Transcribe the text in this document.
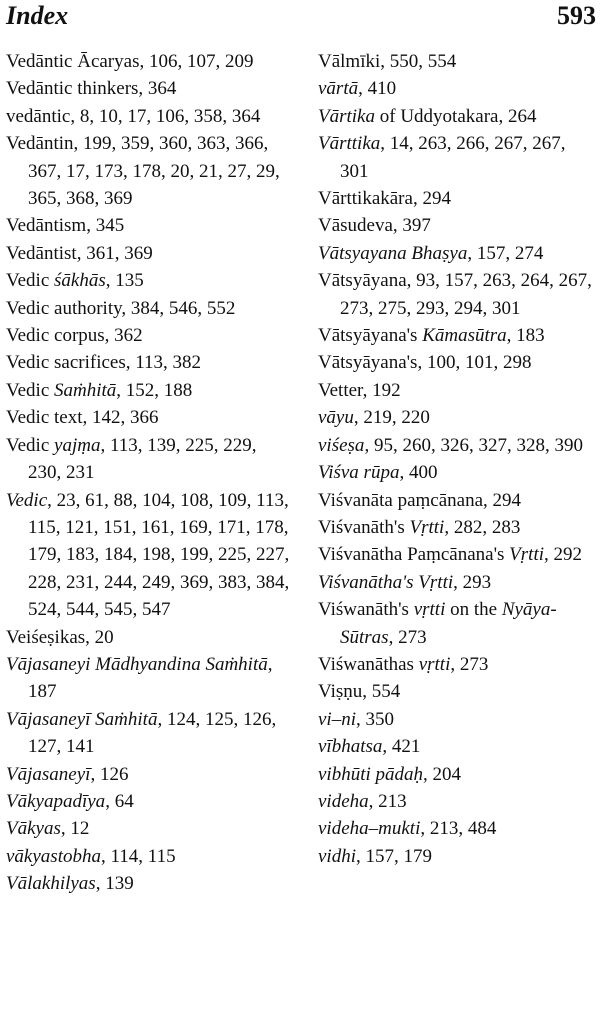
Index	593
Vedāntic Ācaryas, 106, 107, 209
Vedāntic thinkers, 364
vedāntic, 8, 10, 17, 106, 358, 364
Vedāntin, 199, 359, 360, 363, 366, 367, 17, 173, 178, 20, 21, 27, 29, 365, 368, 369
Vedāntism, 345
Vedāntist, 361, 369
Vedic śākhās, 135
Vedic authority, 384, 546, 552
Vedic corpus, 362
Vedic sacrifices, 113, 382
Vedic Saṁhitā, 152, 188
Vedic text, 142, 366
Vedic yajṃa, 113, 139, 225, 229, 230, 231
Vedic, 23, 61, 88, 104, 108, 109, 113, 115, 121, 151, 161, 169, 171, 178, 179, 183, 184, 198, 199, 225, 227, 228, 231, 244, 249, 369, 383, 384, 524, 544, 545, 547
Veiśeṣikas, 20
Vājasaneyi Mādhyandina Saṁhitā, 187
Vājasaneyī Saṁhitā, 124, 125, 126, 127, 141
Vājasaneyī, 126
Vākyapadīya, 64
Vākyas, 12
vākyastobha, 114, 115
Vālakhilyas, 139
Vālmīki, 550, 554
vārtā, 410
Vārtika of Uddyotakara, 264
Vārttika, 14, 263, 266, 267, 267, 301
Vārttikakāra, 294
Vāsudeva, 397
Vātsyayana Bhaṣya, 157, 274
Vātsyāyana, 93, 157, 263, 264, 267, 273, 275, 293, 294, 301
Vātsyāyana's Kāmasūtra, 183
Vātsyāyana's, 100, 101, 298
Vetter, 192
vāyu, 219, 220
viśeṣa, 95, 260, 326, 327, 328, 390
Viśva rūpa, 400
Viśvanāta paṃcānana, 294
Viśvanāth's Vṛtti, 282, 283
Viśvanātha Paṃcānana's Vṛtti, 292
Viśvanātha's Vṛtti, 293
Viśwanāth's vṛtti on the Nyāya- Sūtras, 273
Viśwanāthas vṛtti, 273
Viṣṇu, 554
vi–ni, 350
vībhatsa, 421
vibhūti pādaḥ, 204
videha, 213
videha–mukti, 213, 484
vidhi, 157, 179
